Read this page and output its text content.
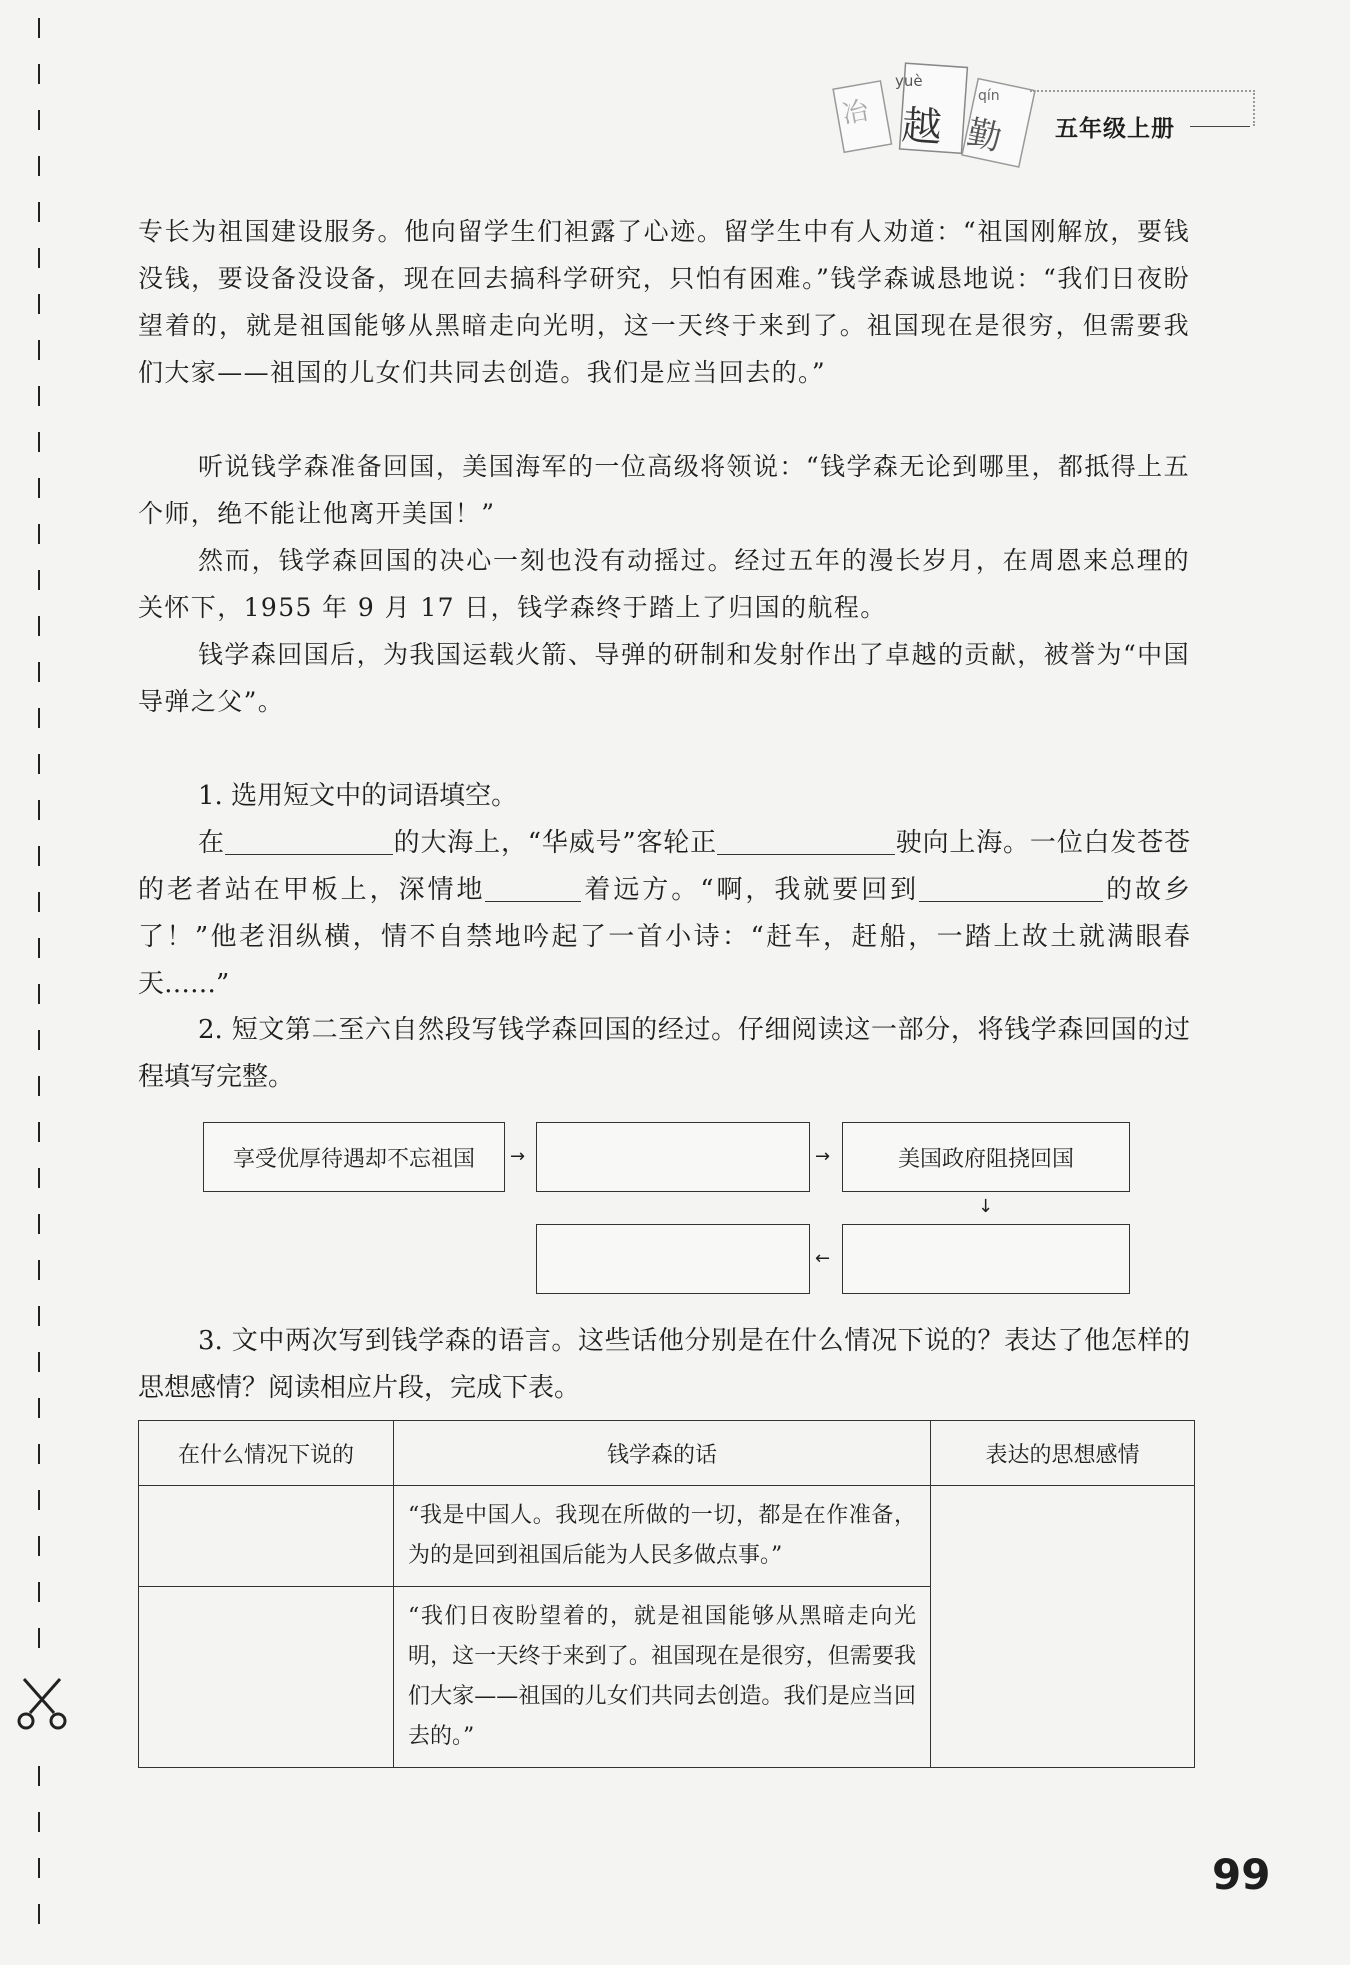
冶
yuè
越
qín
勤 五年级上册
专长为祖国建设服务。他向留学生们袒露了心迹。留学生中有人劝道：“祖国刚解放，要钱没钱，要设备没设备，现在回去搞科学研究，只怕有困难。”钱学森诚恳地说：“我们日夜盼望着的，就是祖国能够从黑暗走向光明，这一天终于来到了。祖国现在是很穷，但需要我们大家——祖国的儿女们共同去创造。我们是应当回去的。”
听说钱学森准备回国，美国海军的一位高级将领说：“钱学森无论到哪里，都抵得上五个师，绝不能让他离开美国！”
然而，钱学森回国的决心一刻也没有动摇过。经过五年的漫长岁月，在周恩来总理的关怀下，1955 年 9 月 17 日，钱学森终于踏上了归国的航程。
钱学森回国后，为我国运载火箭、导弹的研制和发射作出了卓越的贡献，被誉为“中国导弹之父”。
1. 选用短文中的词语填空。
在	的大海上，“华威号”客轮正	驶向上海。一位白发苍苍的老者站在甲板上，深情地	着远方。“啊，我就要回到	的故乡了！”他老泪纵横，情不自禁地吟起了一首小诗：“赶车，赶船，一踏上故土就满眼春天……”
2. 短文第二至六自然段写钱学森回国的经过。仔细阅读这一部分，将钱学森回国的过程填写完整。
享受优厚待遇却不忘祖国	→	→	美国政府阻挠回国
↓
←
3. 文中两次写到钱学森的语言。这些话他分别是在什么情况下说的？表达了他怎样的思想感情？阅读相应片段，完成下表。
在什么情况下说的	钱学森的话	表达的思想感情
	“我是中国人。我现在所做的一切，都是在作准备，为的是回到祖国后能为人民多做点事。”	
	“我们日夜盼望着的，就是祖国能够从黑暗走向光明，这一天终于来到了。祖国现在是很穷，但需要我们大家——祖国的儿女们共同去创造。我们是应当回去的。”	
99
